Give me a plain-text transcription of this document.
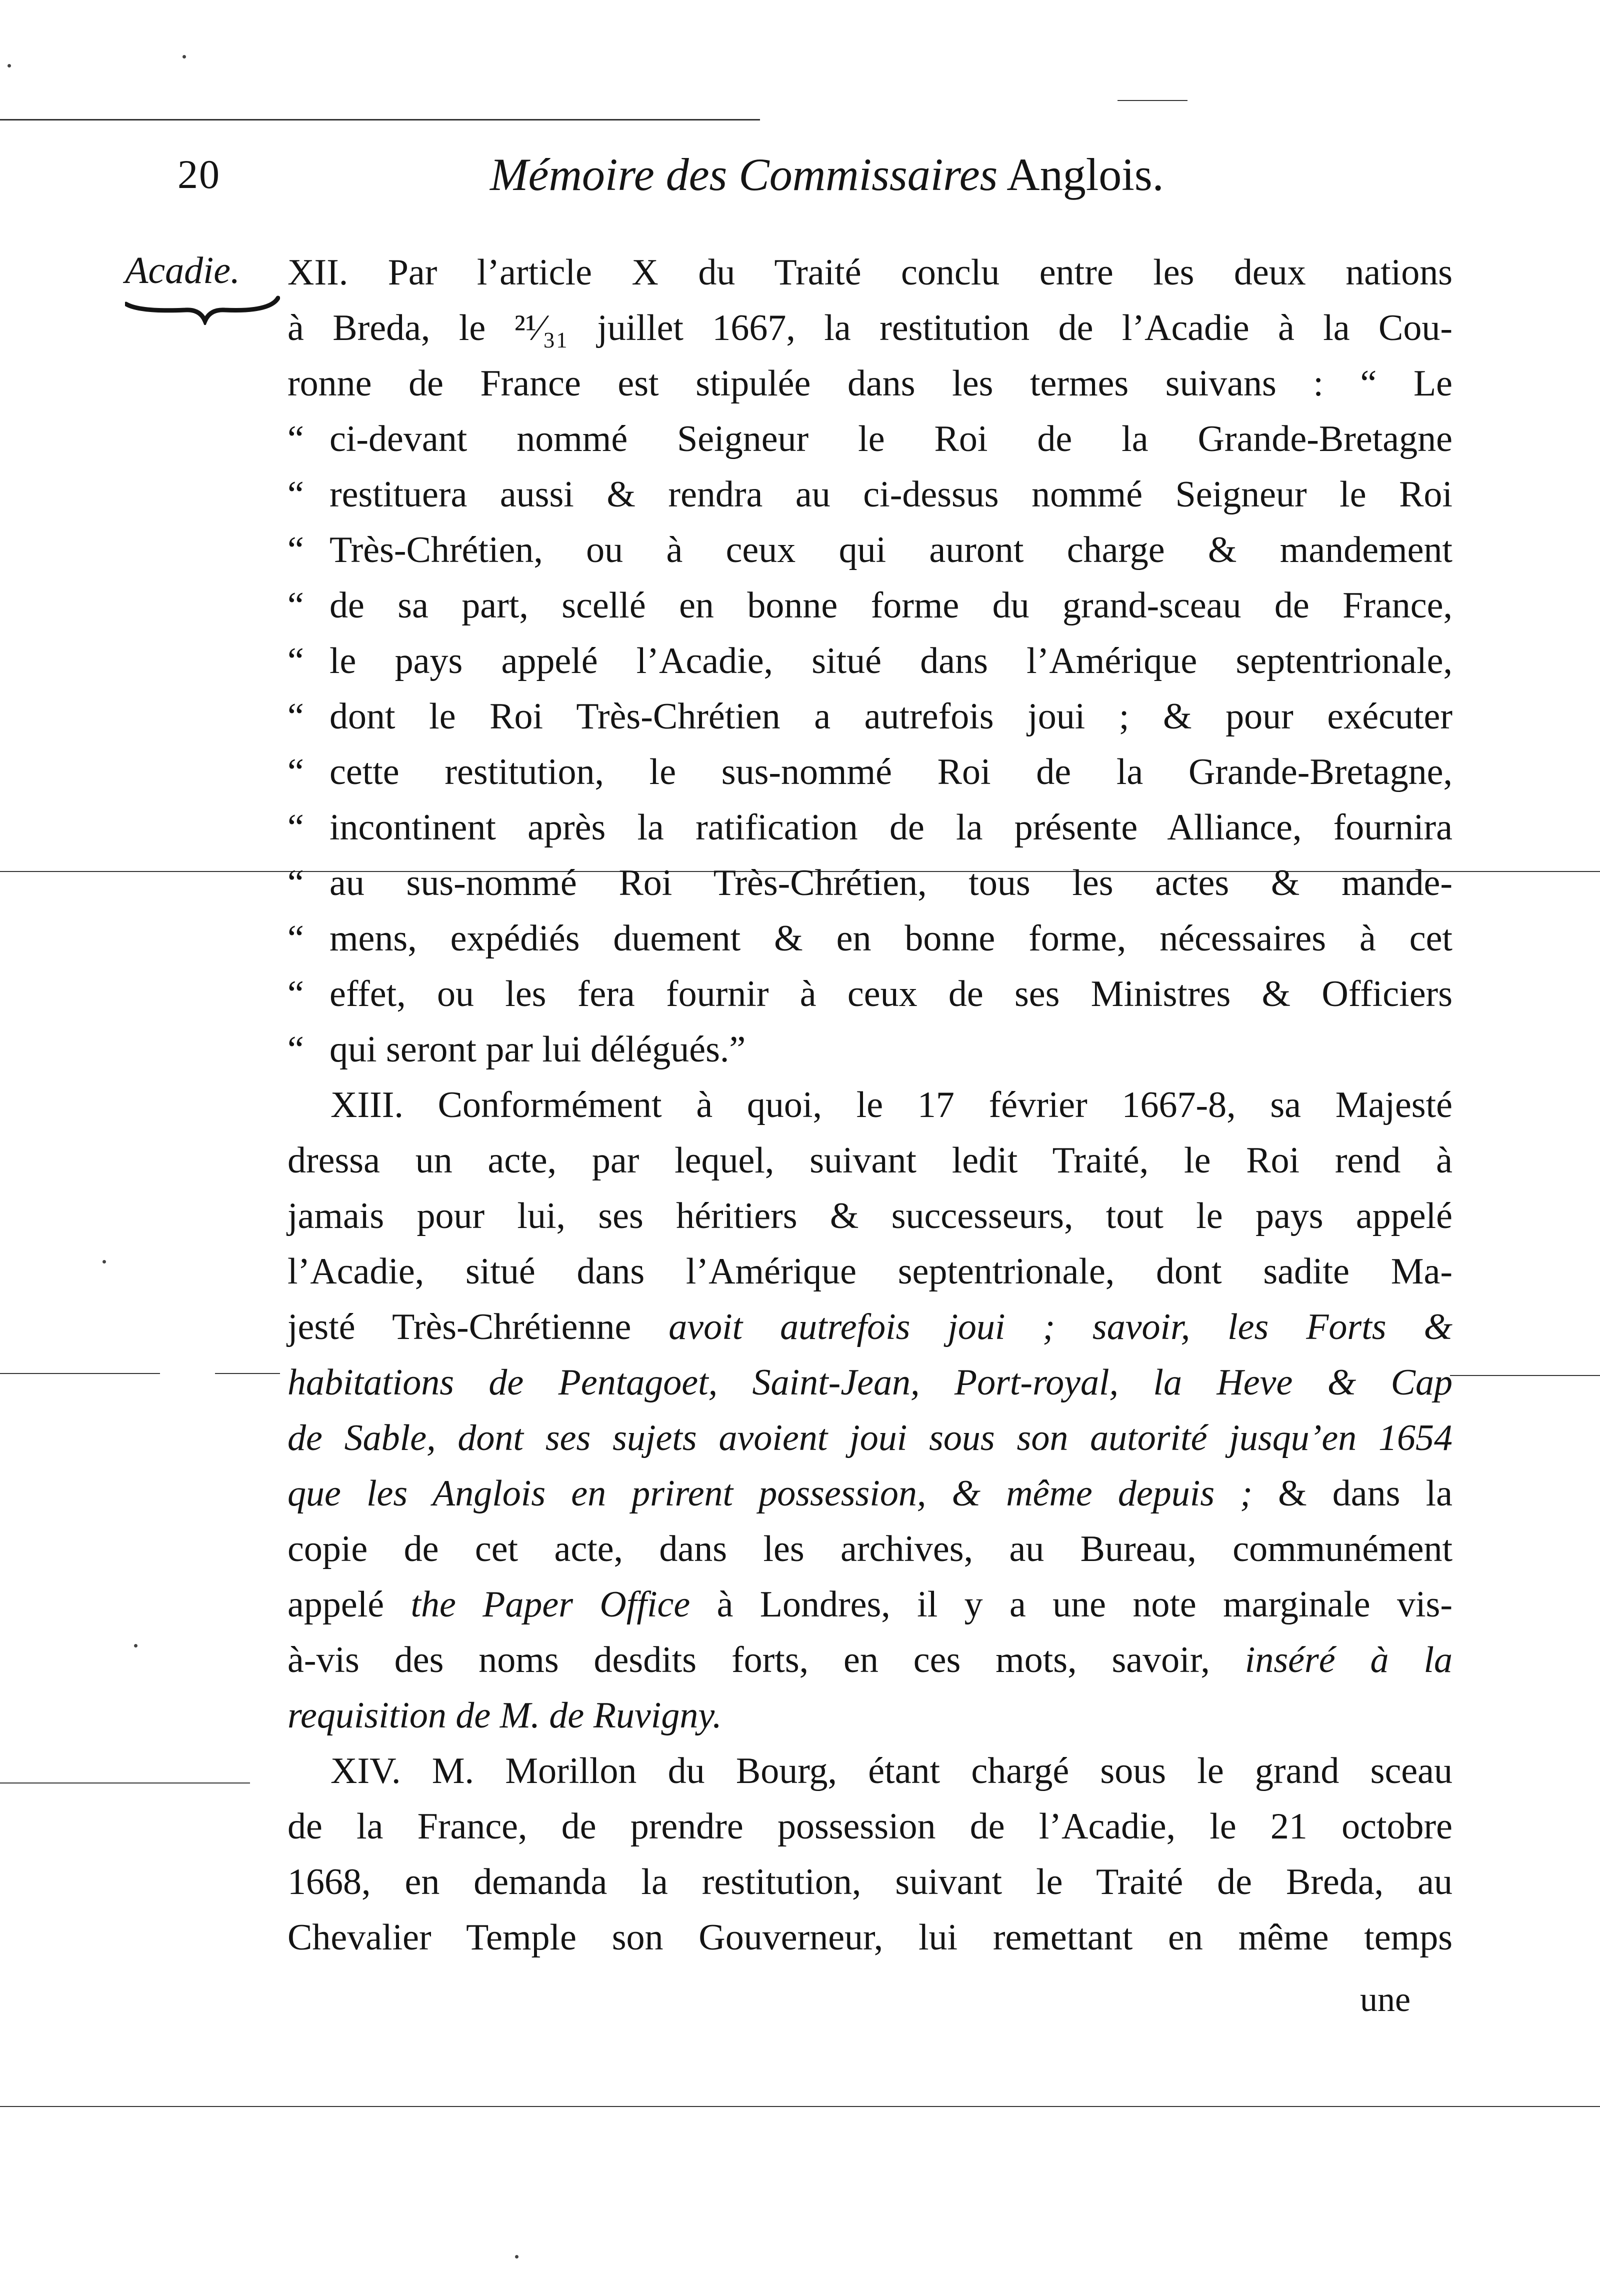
20	Mémoire des Commissaires Anglois.
Acadie. XII. Par l’article X du Traité conclu entre les deux nations
à Breda, le ²¹⁄₃₁ juillet 1667, la restitution de l’Acadie à la Cou-
ronne de France est stipulée dans les termes suivans : “ Le
“ ci-devant nommé Seigneur le Roi de la Grande-Bretagne
“ restituera aussi & rendra au ci-dessus nommé Seigneur le Roi
“ Très-Chrétien, ou à ceux qui auront charge & mandement
“ de sa part, scellé en bonne forme du grand-sceau de France,
“ le pays appelé l’Acadie, situé dans l’Amérique septentrionale,
“ dont le Roi Très-Chrétien a autrefois joui ; & pour exécuter
“ cette restitution, le sus-nommé Roi de la Grande-Bretagne,
“ incontinent après la ratification de la présente Alliance, fournira
“ au sus-nommé Roi Très-Chrétien, tous les actes & mande-
“ mens, expédiés duement & en bonne forme, nécessaires à cet
“ effet, ou les fera fournir à ceux de ses Ministres & Officiers
“ qui seront par lui délégués.”
XIII. Conformément à quoi, le 17 février 1667-8, sa Majesté
dressa un acte, par lequel, suivant ledit Traité, le Roi rend à
jamais pour lui, ses héritiers & successeurs, tout le pays appelé
l’Acadie, situé dans l’Amérique septentrionale, dont sadite Ma-
jesté Très-Chrétienne avoit autrefois joui ; savoir, les Forts &
habitations de Pentagoet, Saint-Jean, Port-royal, la Heve & Cap
de Sable, dont ses sujets avoient joui sous son autorité jusqu’en 1654
que les Anglois en prirent possession, & même depuis ; & dans la
copie de cet acte, dans les archives, au Bureau, communément
appelé the Paper Office à Londres, il y a une note marginale vis-
à-vis des noms desdits forts, en ces mots, savoir, inséré à la
requisition de M. de Ruvigny.
XIV. M. Morillon du Bourg, étant chargé sous le grand sceau
de la France, de prendre possession de l’Acadie, le 21 octobre
1668, en demanda la restitution, suivant le Traité de Breda, au
Chevalier Temple son Gouverneur, lui remettant en même temps
une
